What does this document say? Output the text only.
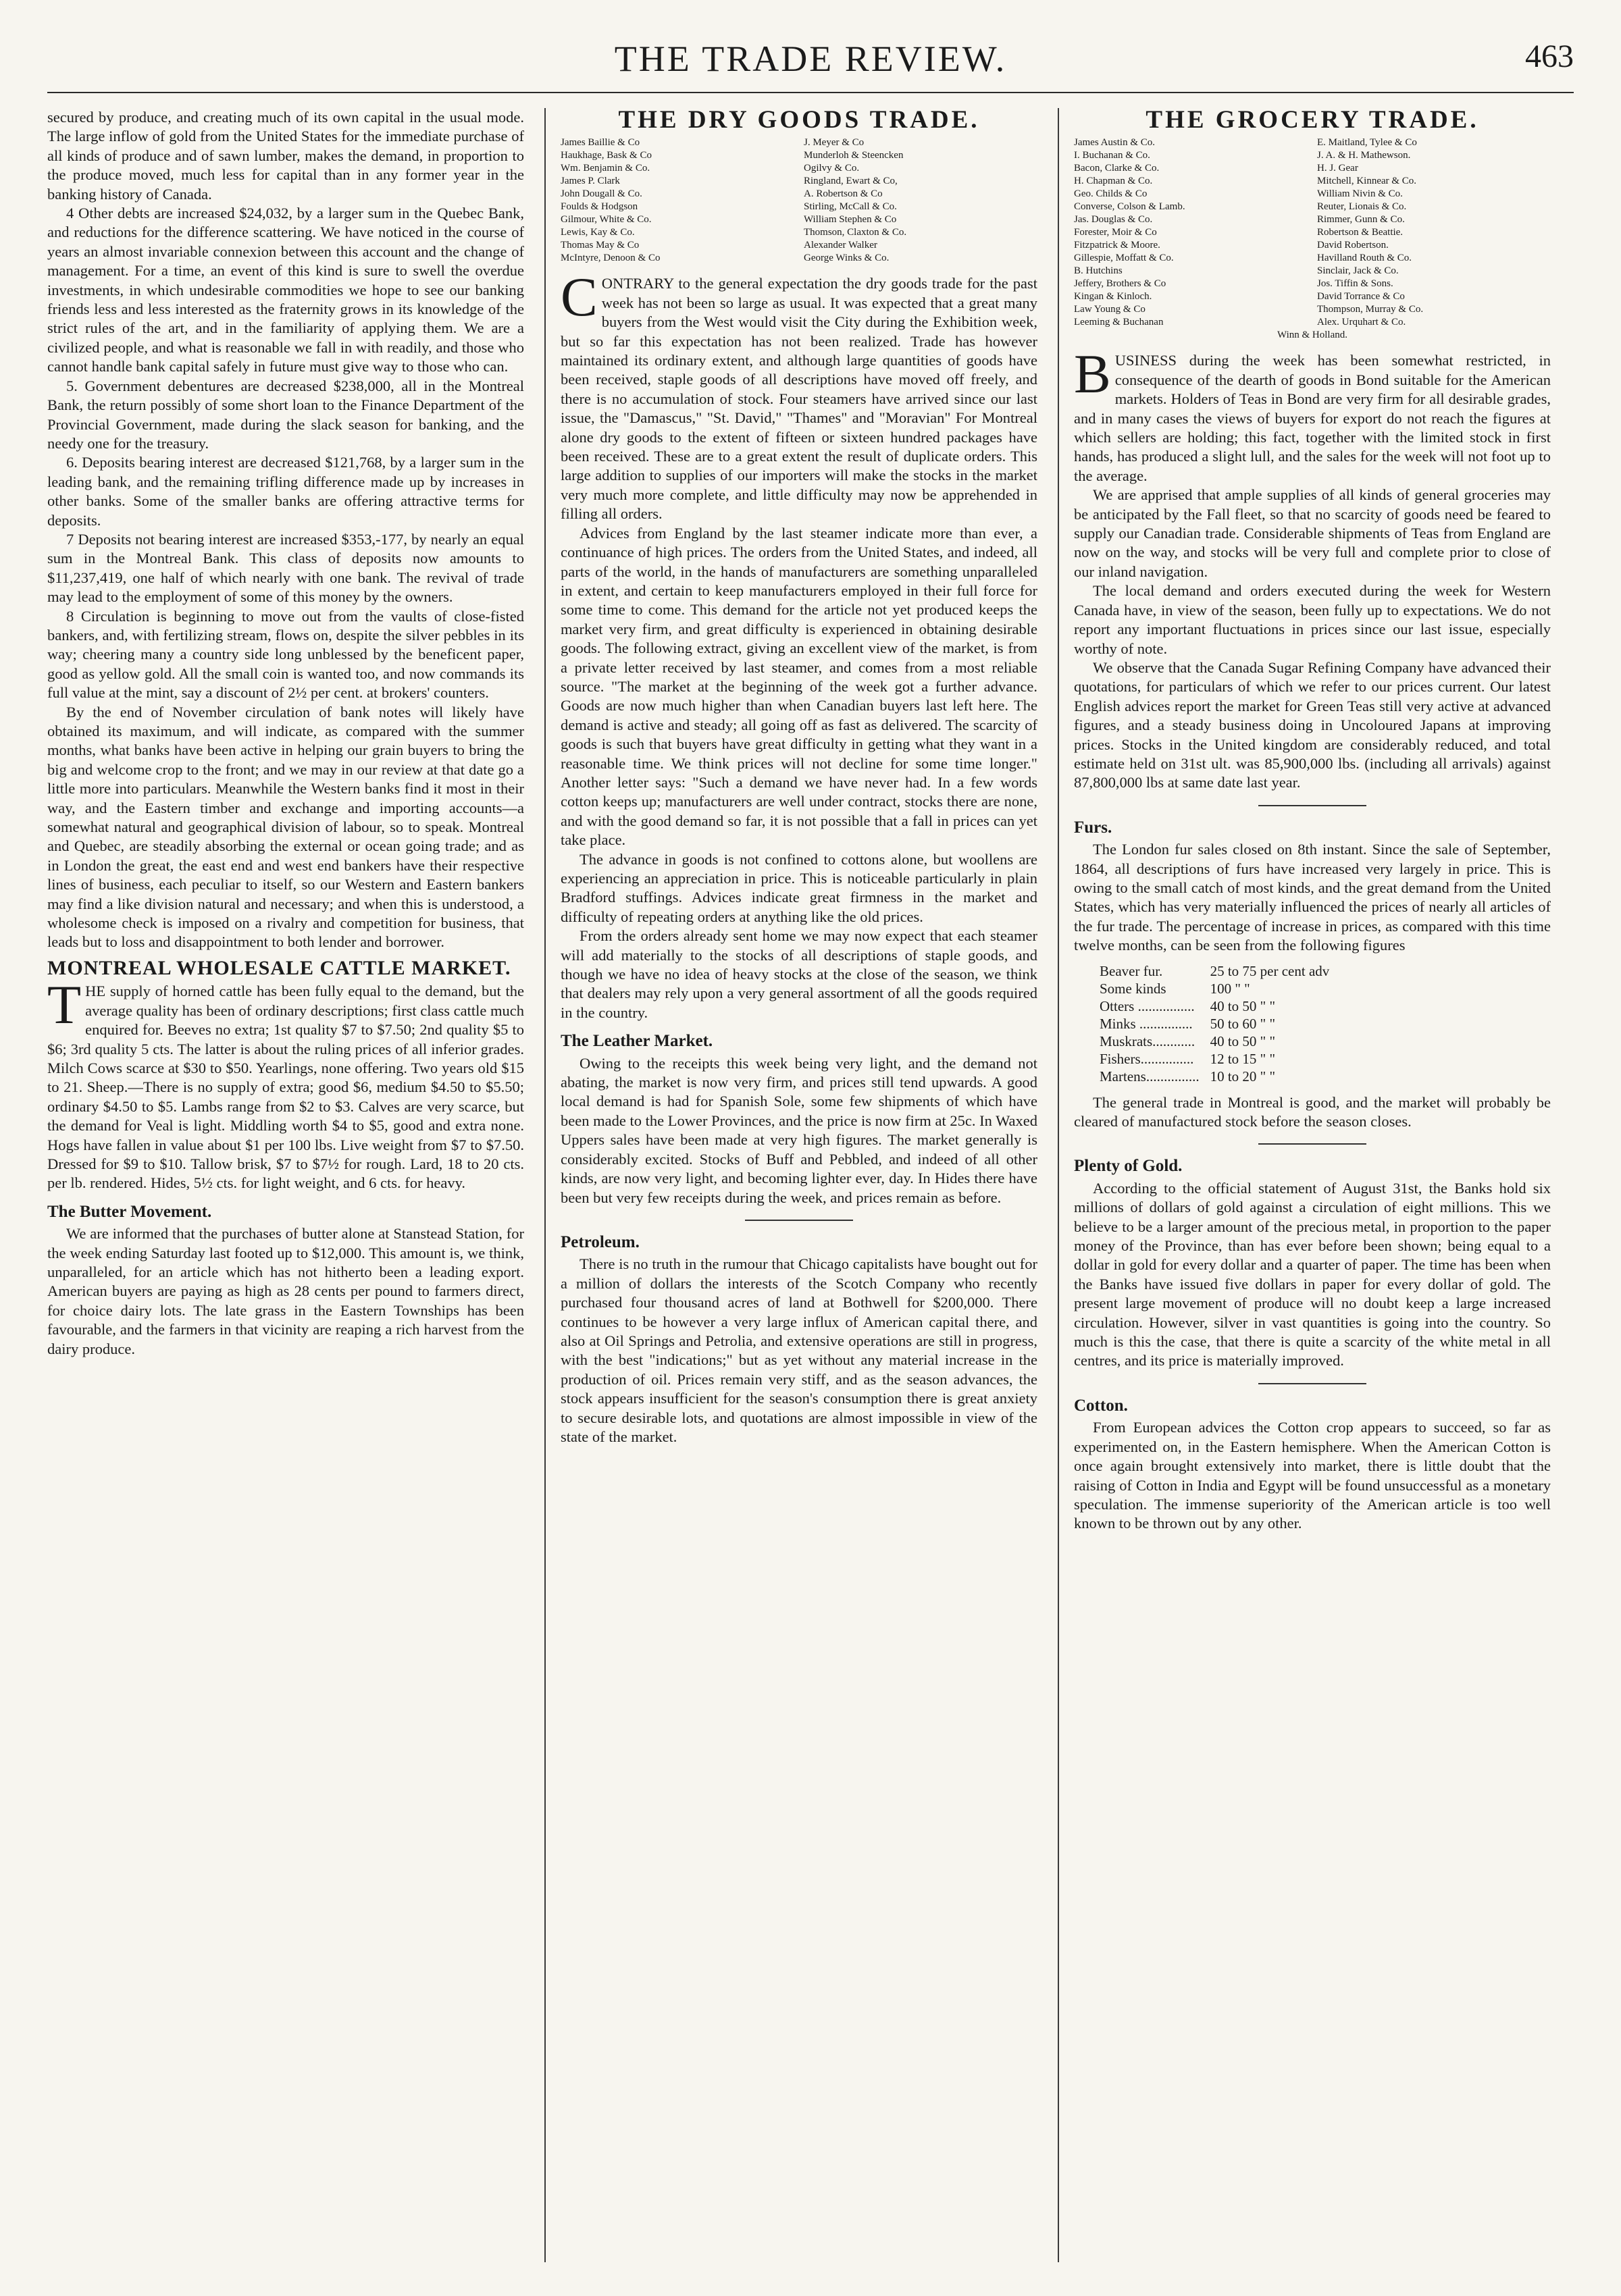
THE TRADE REVIEW.	463

secured by produce, and creating much of its own capital in the usual mode. The large inflow of gold from the United States for the immediate purchase of all kinds of produce and of sawn lumber, makes the demand, in proportion to the produce moved, much less for capital than in any former year in the banking history of Canada.

4 Other debts are increased $24,032, by a larger sum in the Quebec Bank, and reductions for the difference scattering. We have noticed in the course of years an almost invariable connexion between this account and the change of management. For a time, an event of this kind is sure to swell the overdue investments, in which undesirable commodities we hope to see our banking friends less and less interested as the fraternity grows in its knowledge of the strict rules of the art, and in the familiarity of applying them. We are a civilized people, and what is reasonable we fall in with readily, and those who cannot handle bank capital safely in future must give way to those who can.

5. Government debentures are decreased $238,000, all in the Montreal Bank, the return possibly of some short loan to the Finance Department of the Provincial Government, made during the slack season for banking, and the needy one for the treasury.

6. Deposits bearing interest are decreased $121,768, by a larger sum in the leading bank, and the remaining trifling difference made up by increases in other banks. Some of the smaller banks are offering attractive terms for deposits.

7 Deposits not bearing interest are increased $353,-177, by nearly an equal sum in the Montreal Bank. This class of deposits now amounts to $11,237,419, one half of which nearly with one bank. The revival of trade may lead to the employment of some of this money by the owners.

8 Circulation is beginning to move out from the vaults of close-fisted bankers, and, with fertilizing stream, flows on, despite the silver pebbles in its way; cheering many a country side long unblessed by the beneficent paper, good as yellow gold. All the small coin is wanted too, and now commands its full value at the mint, say a discount of 2½ per cent. at brokers' counters.

By the end of November circulation of bank notes will likely have obtained its maximum, and will indicate, as compared with the summer months, what banks have been active in helping our grain buyers to bring the big and welcome crop to the front; and we may in our review at that date go a little more into particulars. Meanwhile the Western banks find it most in their way, and the Eastern timber and exchange and importing accounts—a somewhat natural and geographical division of labour, so to speak. Montreal and Quebec, are steadily absorbing the external or ocean going trade; and as in London the great, the east end and west end bankers have their respective lines of business, each peculiar to itself, so our Western and Eastern bankers may find a like division natural and necessary; and when this is understood, a wholesome check is imposed on a rivalry and competition for business, that leads but to loss and disappointment to both lender and borrower.

MONTREAL WHOLESALE CATTLE MARKET.

THE supply of horned cattle has been fully equal to the demand, but the average quality has been of ordinary descriptions; first class cattle much enquired for. Beeves no extra; 1st quality $7 to $7.50; 2nd quality $5 to $6; 3rd quality 5 cts. The latter is about the ruling prices of all inferior grades. Milch Cows scarce at $30 to $50. Yearlings, none offering. Two years old $15 to 21. Sheep.—There is no supply of extra; good $6, medium $4.50 to $5.50; ordinary $4.50 to $5. Lambs range from $2 to $3. Calves are very scarce, but the demand for Veal is light. Middling worth $4 to $5, good and extra none. Hogs have fallen in value about $1 per 100 lbs. Live weight from $7 to $7.50. Dressed for $9 to $10. Tallow brisk, $7 to $7½ for rough. Lard, 18 to 20 cts. per lb. rendered. Hides, 5½ cts. for light weight, and 6 cts. for heavy.

The Butter Movement.

We are informed that the purchases of butter alone at Stanstead Station, for the week ending Saturday last footed up to $12,000. This amount is, we think, unparalleled, for an article which has not hitherto been a leading export. American buyers are paying as high as 28 cents per pound to farmers direct, for choice dairy lots. The late grass in the Eastern Townships has been favourable, and the farmers in that vicinity are reaping a rich harvest from the dairy produce.

THE DRY GOODS TRADE.
James Baillie & Co	J. Meyer & Co
Haukhage, Bask & Co	Munderloh & Steencken
Wm. Benjamin & Co.	Ogilvy & Co.
James P. Clark	Ringland, Ewart & Co,
John Dougall & Co.	A. Robertson & Co
Foulds & Hodgson	Stirling, McCall & Co.
Gilmour, White & Co.	William Stephen & Co
Lewis, Kay & Co.	Thomson, Claxton & Co.
Thomas May & Co	Alexander Walker
McIntyre, Denoon & Co	George Winks & Co.

CONTRARY to the general expectation the dry goods trade for the past week has not been so large as usual. It was expected that a great many buyers from the West would visit the City during the Exhibition week, but so far this expectation has not been realized. Trade has however maintained its ordinary extent, and although large quantities of goods have been received, staple goods of all descriptions have moved off freely, and there is no accumulation of stock. Four steamers have arrived since our last issue, the "Damascus," "St. David," "Thames" and "Moravian" For Montreal alone dry goods to the extent of fifteen or sixteen hundred packages have been received. These are to a great extent the result of duplicate orders. This large addition to supplies of our importers will make the stocks in the market very much more complete, and little difficulty may now be apprehended in filling all orders.

Advices from England by the last steamer indicate more than ever, a continuance of high prices. The orders from the United States, and indeed, all parts of the world, in the hands of manufacturers are something unparalleled in extent, and certain to keep manufacturers employed in their full force for some time to come. This demand for the article not yet produced keeps the market very firm, and great difficulty is experienced in obtaining desirable goods. The following extract, giving an excellent view of the market, is from a private letter received by last steamer, and comes from a most reliable source. "The market at the beginning of the week got a further advance. Goods are now much higher than when Canadian buyers last left here. The demand is active and steady; all going off as fast as delivered. The scarcity of goods is such that buyers have great difficulty in getting what they want in a reasonable time. We think prices will not decline for some time longer." Another letter says: "Such a demand we have never had. In a few words cotton keeps up; manufacturers are well under contract, stocks there are none, and with the good demand so far, it is not possible that a fall in prices can yet take place.

The advance in goods is not confined to cottons alone, but woollens are experiencing an appreciation in price. This is noticeable particularly in plain Bradford stuffings. Advices indicate great firmness in the market and difficulty of repeating orders at anything like the old prices.

From the orders already sent home we may now expect that each steamer will add materially to the stocks of all descriptions of staple goods, and though we have no idea of heavy stocks at the close of the season, we think that dealers may rely upon a very general assortment of all the goods required in the country.

The Leather Market.

Owing to the receipts this week being very light, and the demand not abating, the market is now very firm, and prices still tend upwards. A good local demand is had for Spanish Sole, some few shipments of which have been made to the Lower Provinces, and the price is now firm at 25c. In Waxed Uppers sales have been made at very high figures. The market generally is considerably excited. Stocks of Buff and Pebbled, and indeed of all other kinds, are now very light, and becoming lighter ever, day. In Hides there have been but very few receipts during the week, and prices remain as before.

Petroleum.

There is no truth in the rumour that Chicago capitalists have bought out for a million of dollars the interests of the Scotch Company who recently purchased four thousand acres of land at Bothwell for $200,000. There continues to be however a very large influx of American capital there, and also at Oil Springs and Petrolia, and extensive operations are still in progress, with the best "indications;" but as yet without any material increase in the production of oil. Prices remain very stiff, and as the season advances, the stock appears insufficient for the season's consumption there is great anxiety to secure desirable lots, and quotations are almost impossible in view of the state of the market.

THE GROCERY TRADE.
James Austin & Co.	E. Maitland, Tylee & Co
I. Buchanan & Co.	J. A. & H. Mathewson.
Bacon, Clarke & Co.	H. J. Gear
H. Chapman & Co.	Mitchell, Kinnear & Co.
Geo. Childs & Co	William Nivin & Co.
Converse, Colson & Lamb.	Reuter, Lionais & Co.
Jas. Douglas & Co.	Rimmer, Gunn & Co.
Forester, Moir & Co	Robertson & Beattie.
Fitzpatrick & Moore.	David Robertson.
Gillespie, Moffatt & Co.	Havilland Routh & Co.
B. Hutchins	Sinclair, Jack & Co.
Jeffery, Brothers & Co	Jos. Tiffin & Sons.
Kingan & Kinloch.	David Torrance & Co
Law Young & Co	Thompson, Murray & Co.
Leeming & Buchanan	Alex. Urquhart & Co.
Winn & Holland.

BUSINESS during the week has been somewhat restricted, in consequence of the dearth of goods in Bond suitable for the American markets. Holders of Teas in Bond are very firm for all desirable grades, and in many cases the views of buyers for export do not reach the figures at which sellers are holding; this fact, together with the limited stock in first hands, has produced a slight lull, and the sales for the week will not foot up to the average.

We are apprised that ample supplies of all kinds of general groceries may be anticipated by the Fall fleet, so that no scarcity of goods need be feared to supply our Canadian trade. Considerable shipments of Teas from England are now on the way, and stocks will be very full and complete prior to close of our inland navigation.

The local demand and orders executed during the week for Western Canada have, in view of the season, been fully up to expectations. We do not report any important fluctuations in prices since our last issue, especially worthy of note.

We observe that the Canada Sugar Refining Company have advanced their quotations, for particulars of which we refer to our prices current. Our latest English advices report the market for Green Teas still very active at advanced figures, and a steady business doing in Uncoloured Japans at improving prices. Stocks in the United kingdom are considerably reduced, and total estimate held on 31st ult. was 85,900,000 lbs. (including all arrivals) against 87,800,000 lbs at same date last year.

Furs.

The London fur sales closed on 8th instant. Since the sale of September, 1864, all descriptions of furs have increased very largely in price. This is owing to the small catch of most kinds, and the great demand from the United States, which has very materially influenced the prices of nearly all articles of the fur trade. The percentage of increase in prices, as compared with this time twelve months, can be seen from the following figures

Beaver fur.	25 to 75 per cent adv
Some kinds	100 " "
Otters ................	40 to 50 " "
Minks ...............	50 to 60 " "
Muskrats............	40 to 50 " "
Fishers...............	12 to 15 " "
Martens...............	10 to 20 " "

The general trade in Montreal is good, and the market will probably be cleared of manufactured stock before the season closes.

Plenty of Gold.

According to the official statement of August 31st, the Banks hold six millions of dollars of gold against a circulation of eight millions. This we believe to be a larger amount of the precious metal, in proportion to the paper money of the Province, than has ever before been shown; being equal to a dollar in gold for every dollar and a quarter of paper. The time has been when the Banks have issued five dollars in paper for every dollar of gold. The present large movement of produce will no doubt keep a large increased circulation. However, silver in vast quantities is going into the country. So much is this the case, that there is quite a scarcity of the white metal in all centres, and its price is materially improved.

Cotton.

From European advices the Cotton crop appears to succeed, so far as experimented on, in the Eastern hemisphere. When the American Cotton is once again brought extensively into market, there is little doubt that the raising of Cotton in India and Egypt will be found unsuccessful as a monetary speculation. The immense superiority of the American article is too well known to be thrown out by any other.
